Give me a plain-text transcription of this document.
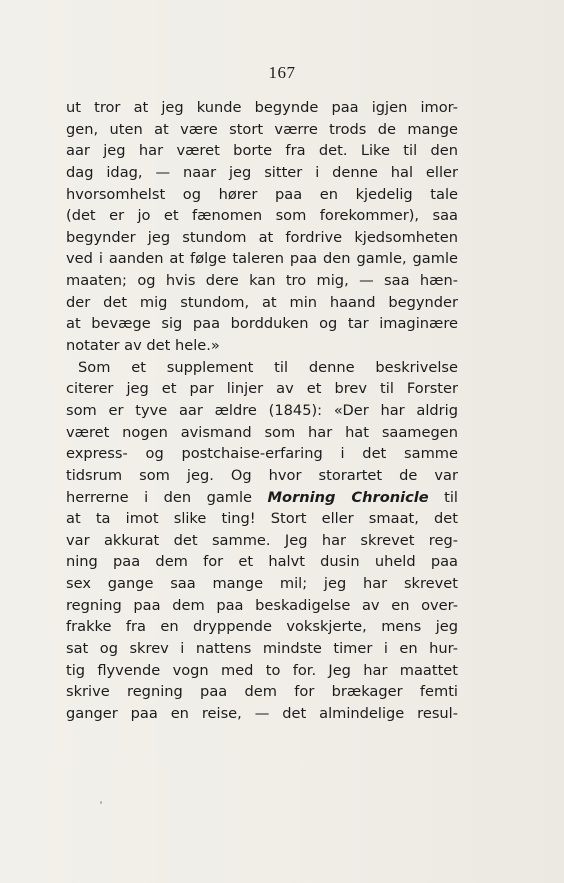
167
ut tror at jeg kunde begynde paa igjen imor-
gen, uten at være stort værre trods de mange
aar jeg har været borte fra det. Like til den
dag idag, — naar jeg sitter i denne hal eller
hvorsomhelst og hører paa en kjedelig tale
(det er jo et fænomen som forekommer), saa
begynder jeg stundom at fordrive kjedsomheten
ved i aanden at følge taleren paa den gamle, gamle
maaten; og hvis dere kan tro mig, — saa hæn-
der det mig stundom, at min haand begynder
at bevæge sig paa bordduken og tar imaginære
notater av det hele.»
Som et supplement til denne beskrivelse
citerer jeg et par linjer av et brev til Forster
som er tyve aar ældre (1845): «Der har aldrig
været nogen avismand som har hat saamegen
express- og postchaise-erfaring i det samme
tidsrum som jeg. Og hvor storartet de var
herrerne i den gamle Morning Chronicle til
at ta imot slike ting! Stort eller smaat, det
var akkurat det samme. Jeg har skrevet reg-
ning paa dem for et halvt dusin uheld paa
sex gange saa mange mil; jeg har skrevet
regning paa dem paa beskadigelse av en over-
frakke fra en dryppende vokskjerte, mens jeg
sat og skrev i nattens mindste timer i en hur-
tig flyvende vogn med to for. Jeg har maattet
skrive regning paa dem for brækager femti
ganger paa en reise, — det almindelige resul-
